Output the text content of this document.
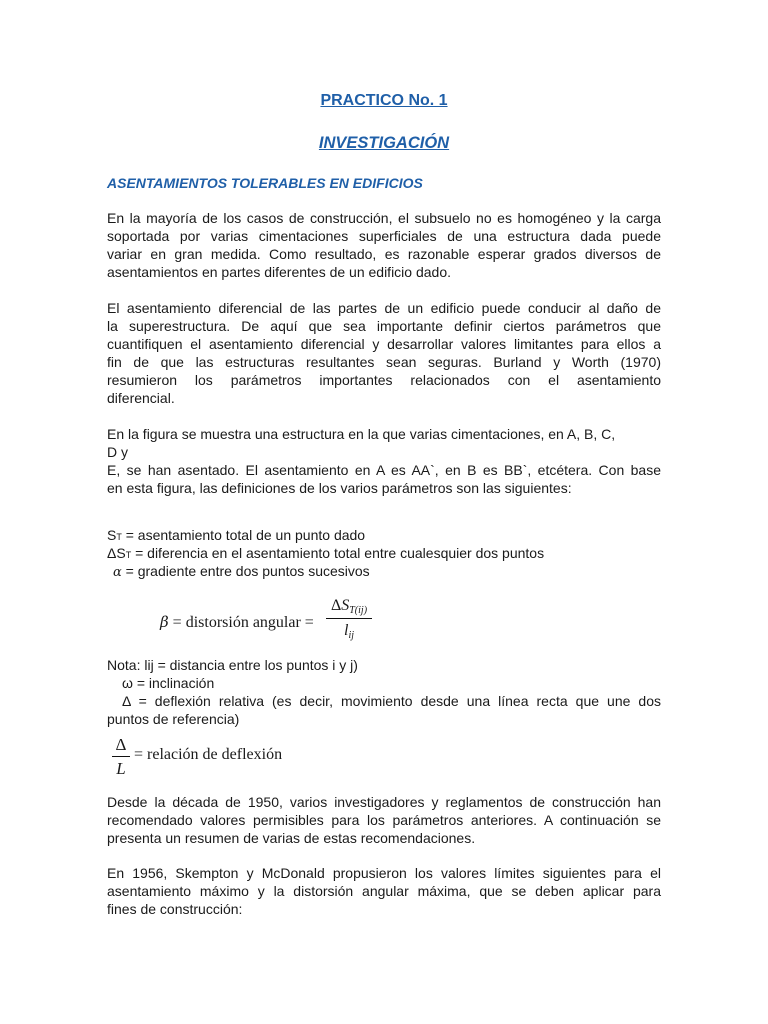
PRACTICO No. 1
INVESTIGACIÓN
ASENTAMIENTOS TOLERABLES EN EDIFICIOS
En la mayoría de los casos de construcción, el subsuelo no es homogéneo y la carga
soportada por varias cimentaciones superficiales de una estructura dada puede
variar en gran medida. Como resultado, es razonable esperar grados diversos de
asentamientos en partes diferentes de un edificio dado.
El asentamiento diferencial de las partes de un edificio puede conducir al daño de
la superestructura. De aquí que sea importante definir ciertos parámetros que
cuantifiquen el asentamiento diferencial y desarrollar valores limitantes para ellos a
fin de que las estructuras resultantes sean seguras. Burland y Worth (1970)
resumieron los parámetros importantes relacionados con el asentamiento
diferencial.
En la figura se muestra una estructura en la que varias cimentaciones, en A, B, C,
D y
E, se han asentado. El asentamiento en A es AA`, en B es BB`, etcétera. Con base
en esta figura, las definiciones de los varios parámetros son las siguientes:

ST = asentamiento total de un punto dado

ΔST = diferencia en el asentamiento total entre cualesquier dos puntos

α = gradiente entre dos puntos sucesivos

β = distorsión angular =
ΔST(ij)
lij

Nota: lij = distancia entre los puntos i y j)

ω = inclinación

Δ = deflexión relativa (es decir, movimiento desde una línea recta que une dos

puntos de referencia)

Δ
L
= relación de deflexión
Desde la década de 1950, varios investigadores y reglamentos de construcción han
recomendado valores permisibles para los parámetros anteriores. A continuación se
presenta un resumen de varias de estas recomendaciones.
En 1956, Skempton y McDonald propusieron los valores límites siguientes para el
asentamiento máximo y la distorsión angular máxima, que se deben aplicar para
fines de construcción:
